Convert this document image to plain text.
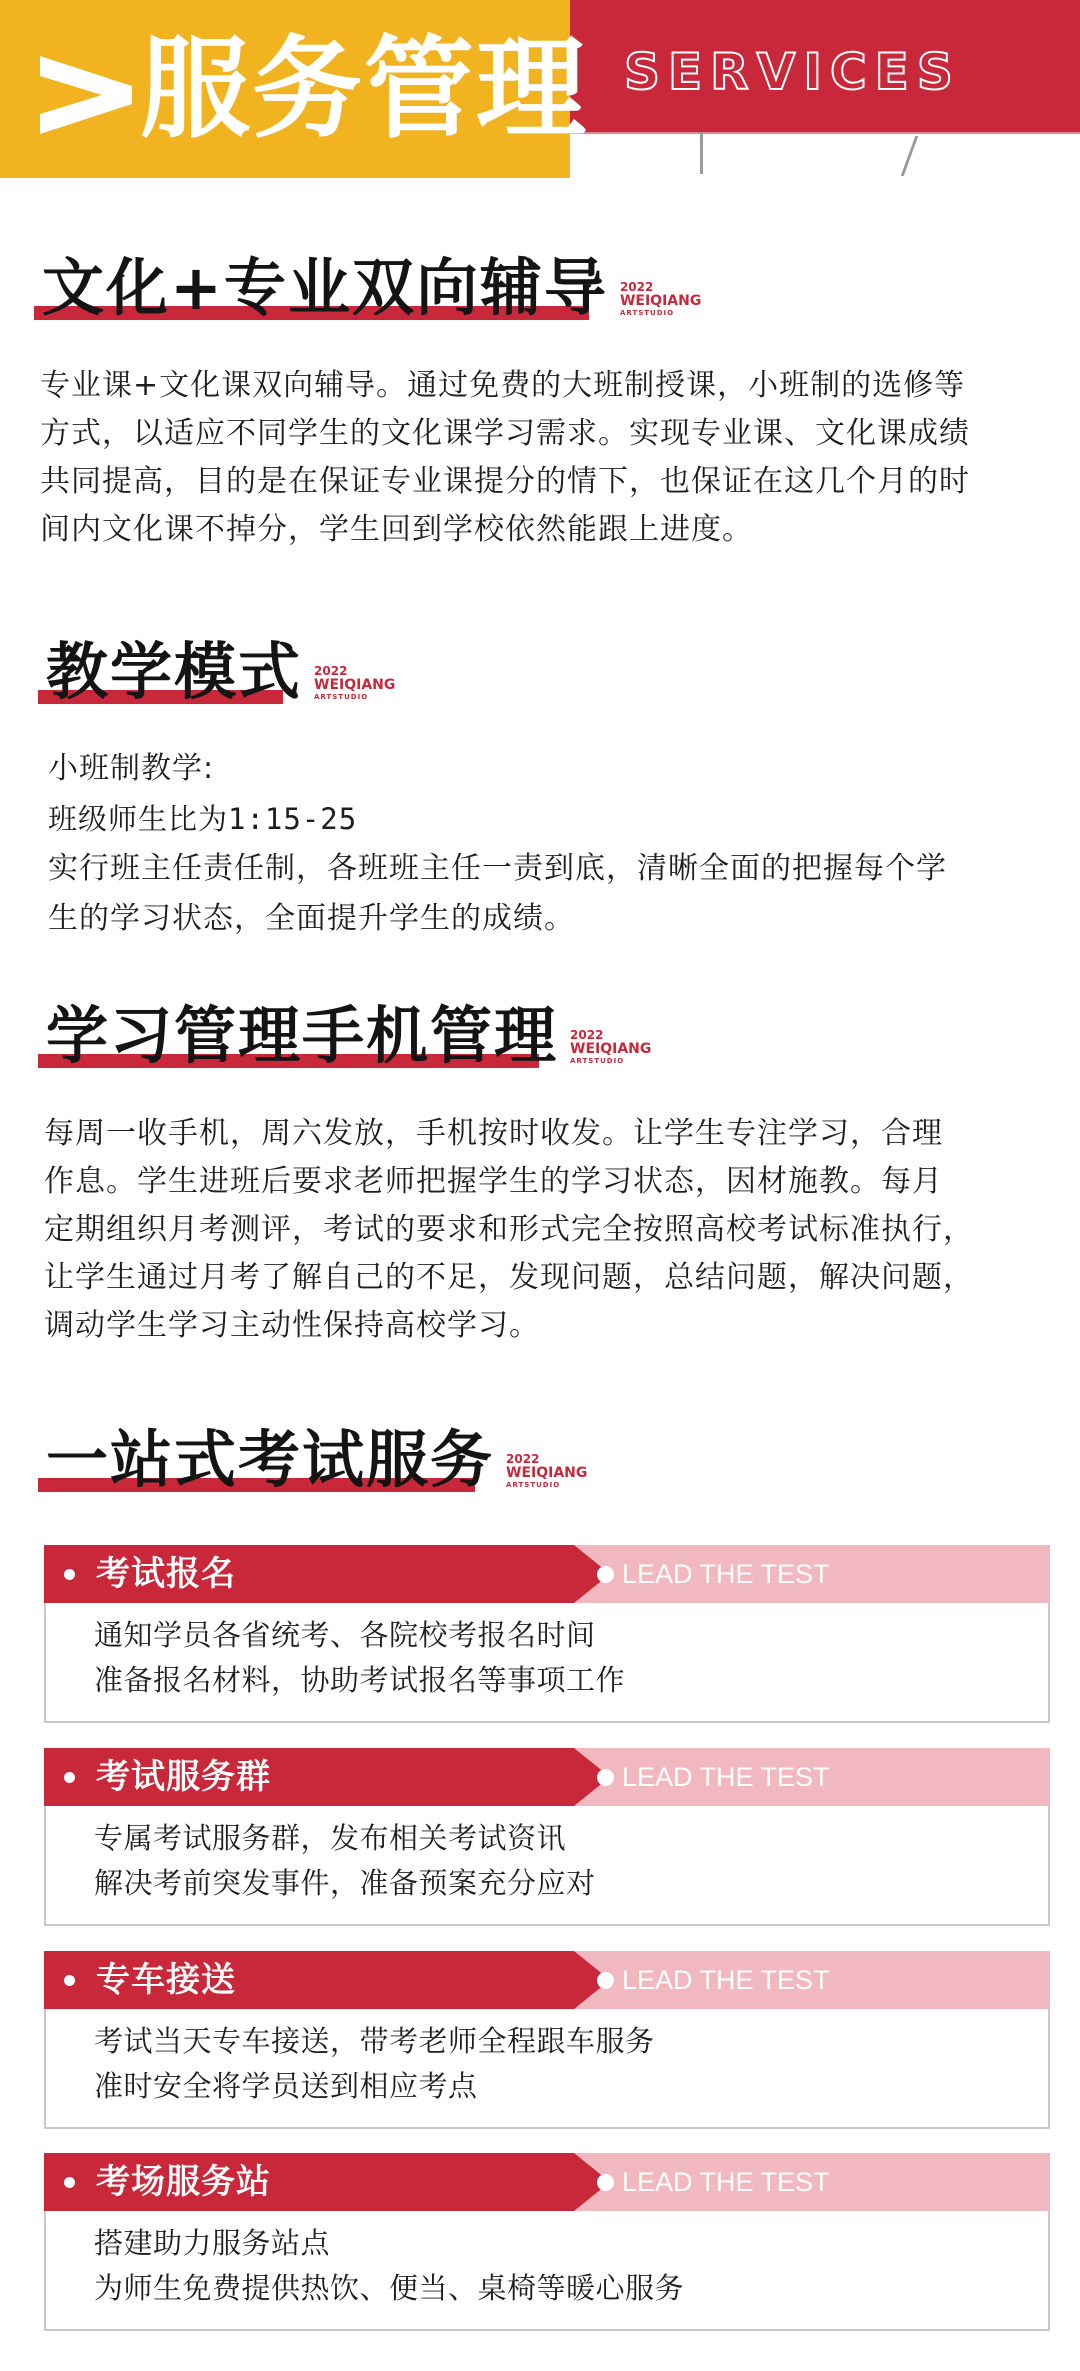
服务管理 SERVICES
文化+专业双向辅导 2022
WEIQIANG
ARTSTUDIO
专业课+文化课双向辅导。通过免费的大班制授课，小班制的选修等
方式，以适应不同学生的文化课学习需求。实现专业课、文化课成绩
共同提高，目的是在保证专业课提分的情下，也保证在这几个月的时
间内文化课不掉分，学生回到学校依然能跟上进度。
教学模式 2022
WEIQIANG
ARTSTUDIO
小班制教学:
班级师生比为1:15-25
实行班主任责任制，各班班主任一责到底，清晰全面的把握每个学
生的学习状态，全面提升学生的成绩。
学习管理手机管理 2022
WEIQIANG
ARTSTUDIO
每周一收手机，周六发放，手机按时收发。让学生专注学习，合理
作息。学生进班后要求老师把握学生的学习状态，因材施教。每月
定期组织月考测评，考试的要求和形式完全按照高校考试标准执行，
让学生通过月考了解自己的不足，发现问题，总结问题，解决问题，
调动学生学习主动性保持高校学习。
一站式考试服务 2022
WEIQIANG
ARTSTUDIO
考试报名	LEAD THE TEST
通知学员各省统考、各院校考报名时间
准备报名材料，协助考试报名等事项工作
考试服务群	LEAD THE TEST
专属考试服务群，发布相关考试资讯
解决考前突发事件，准备预案充分应对
专车接送	LEAD THE TEST
考试当天专车接送，带考老师全程跟车服务
准时安全将学员送到相应考点
考场服务站	LEAD THE TEST
搭建助力服务站点
为师生免费提供热饮、便当、桌椅等暖心服务
